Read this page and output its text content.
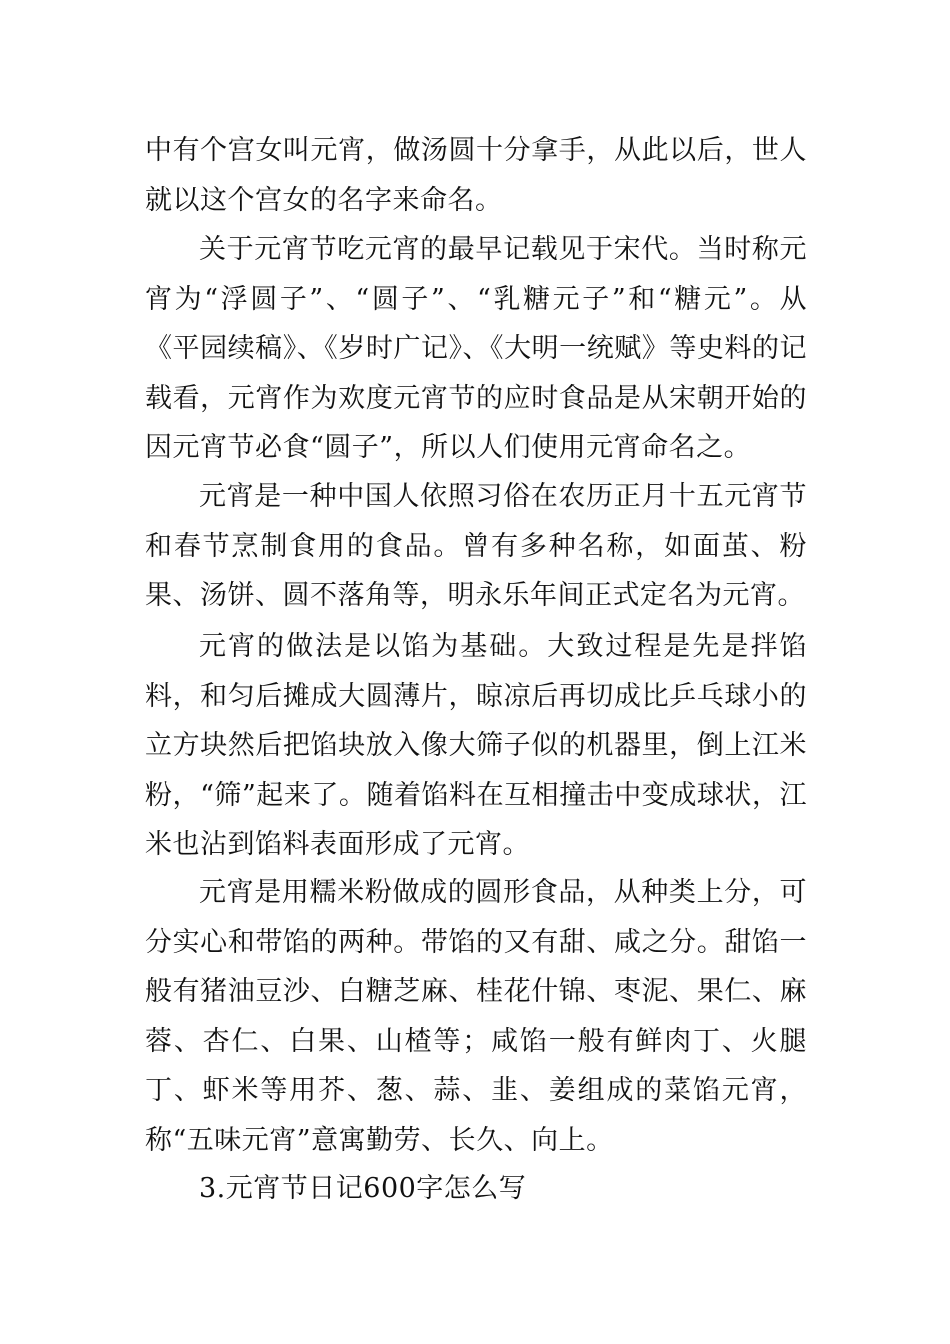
中有个宫女叫元宵，做汤圆十分拿手，从此以后，世人就以这个宫女的名字来命名。

关于元宵节吃元宵的最早记载见于宋代。当时称元宵为“浮圆子”、“圆子”、“乳糖元子”和“糖元”。从《平园续稿》、《岁时广记》、《大明一统赋》等史料的记载看，元宵作为欢度元宵节的应时食品是从宋朝开始的因元宵节必食“圆子”，所以人们使用元宵命名之。

元宵是一种中国人依照习俗在农历正月十五元宵节和春节烹制食用的食品。曾有多种名称，如面茧、粉果、汤饼、圆不落角等，明永乐年间正式定名为元宵。

元宵的做法是以馅为基础。大致过程是先是拌馅料，和匀后摊成大圆薄片，晾凉后再切成比乒乓球小的立方块然后把馅块放入像大筛子似的机器里，倒上江米粉，“筛”起来了。随着馅料在互相撞击中变成球状，江米也沾到馅料表面形成了元宵。

元宵是用糯米粉做成的圆形食品，从种类上分，可分实心和带馅的两种。带馅的又有甜、咸之分。甜馅一般有猪油豆沙、白糖芝麻、桂花什锦、枣泥、果仁、麻蓉、杏仁、白果、山楂等；咸馅一般有鲜肉丁、火腿丁、虾米等用芥、葱、蒜、韭、姜组成的菜馅元宵，称“五味元宵”意寓勤劳、长久、向上。

3.元宵节日记600字怎么写
